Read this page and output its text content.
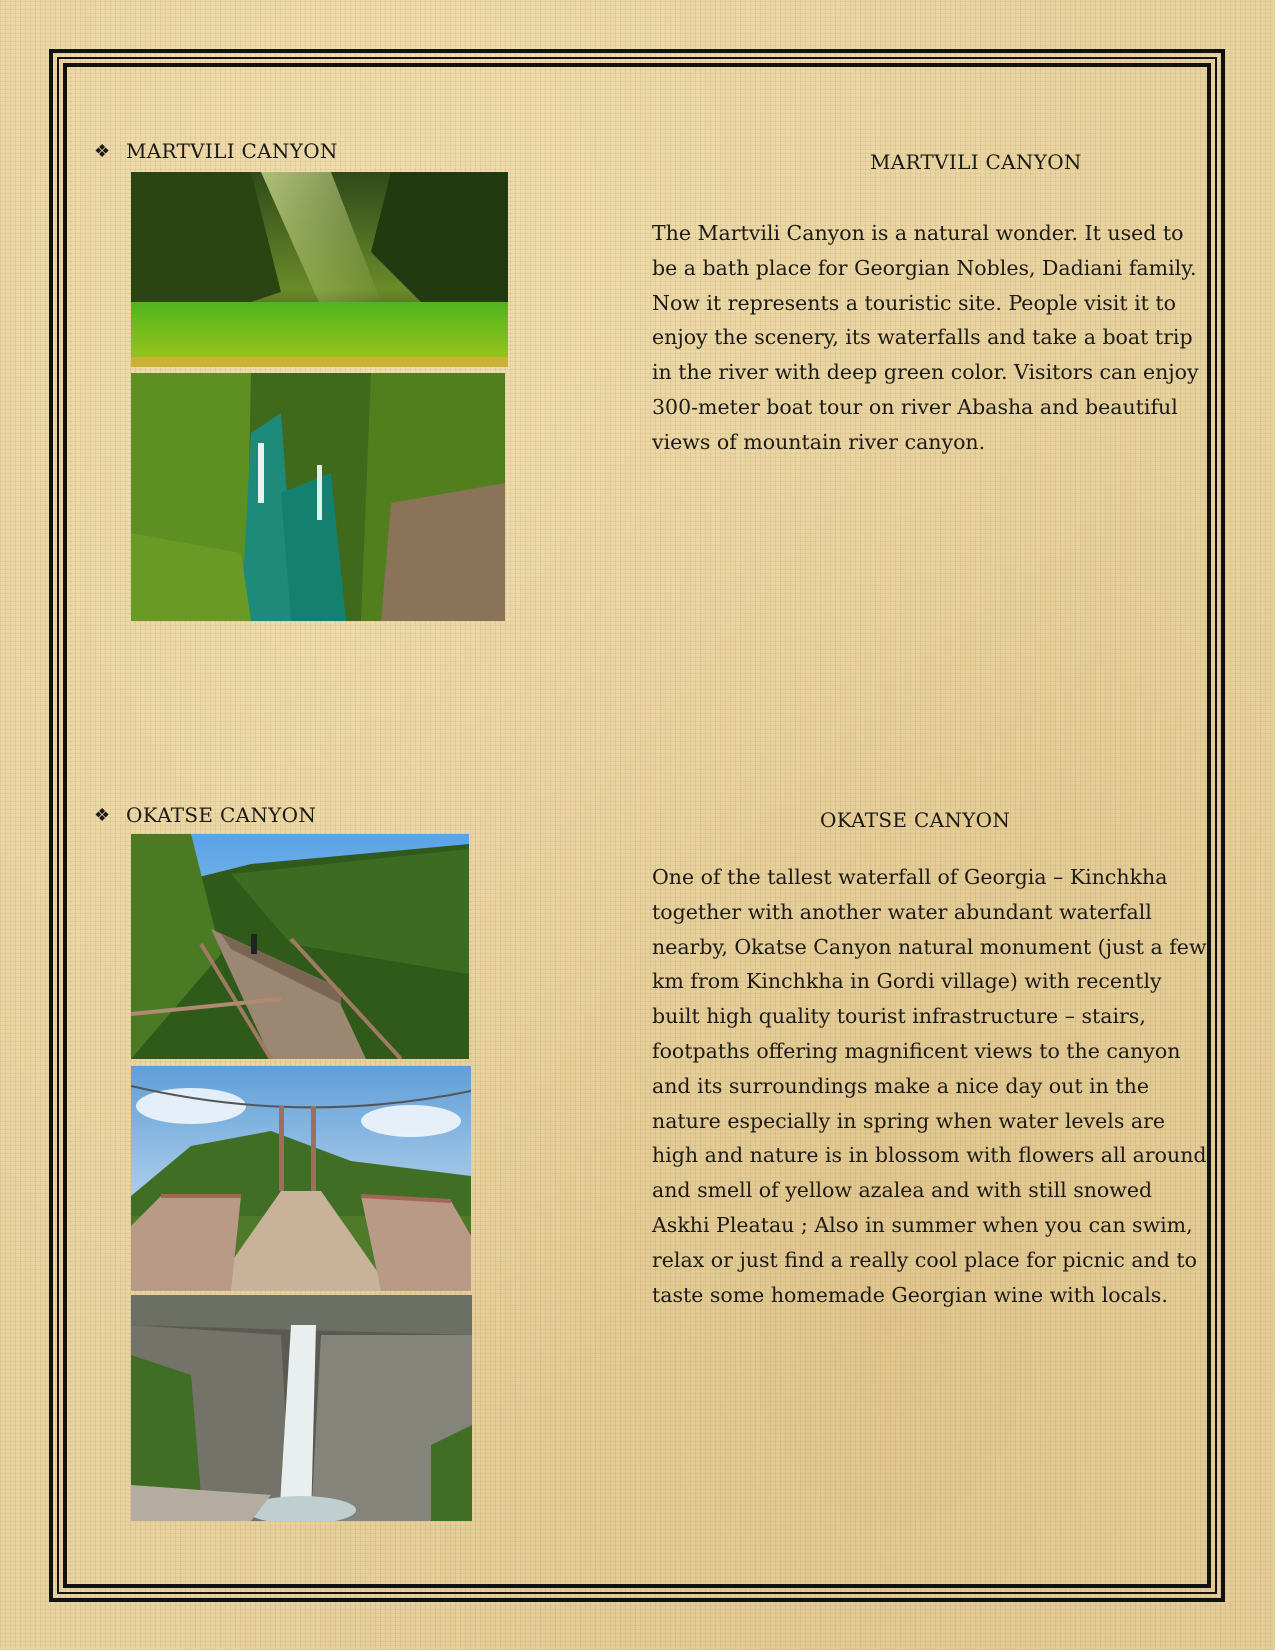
❖ MARTVILI CANYON	MARTVILI CANYON
The Martvili Canyon is a natural wonder. It used to be a bath place for Georgian Nobles, Dadiani family. Now it represents a touristic site. People visit it to enjoy the scenery, its waterfalls and take a boat trip in the river with deep green color. Visitors can enjoy 300-meter boat tour on river Abasha and beautiful views of mountain river canyon.
❖ OKATSE CANYON	OKATSE CANYON
One of the tallest waterfall of Georgia – Kinchkha together with another water abundant waterfall nearby, Okatse Canyon natural monument (just a few km from Kinchkha in Gordi village) with recently built high quality tourist infrastructure – stairs, footpaths offering magnificent views to the canyon and its surroundings make a nice day out in the nature especially in spring when water levels are high and nature is in blossom with flowers all around and smell of yellow azalea and with still snowed Askhi Pleatau ; Also in summer when you can swim, relax or just find a really cool place for picnic and to taste some homemade Georgian wine with locals.
